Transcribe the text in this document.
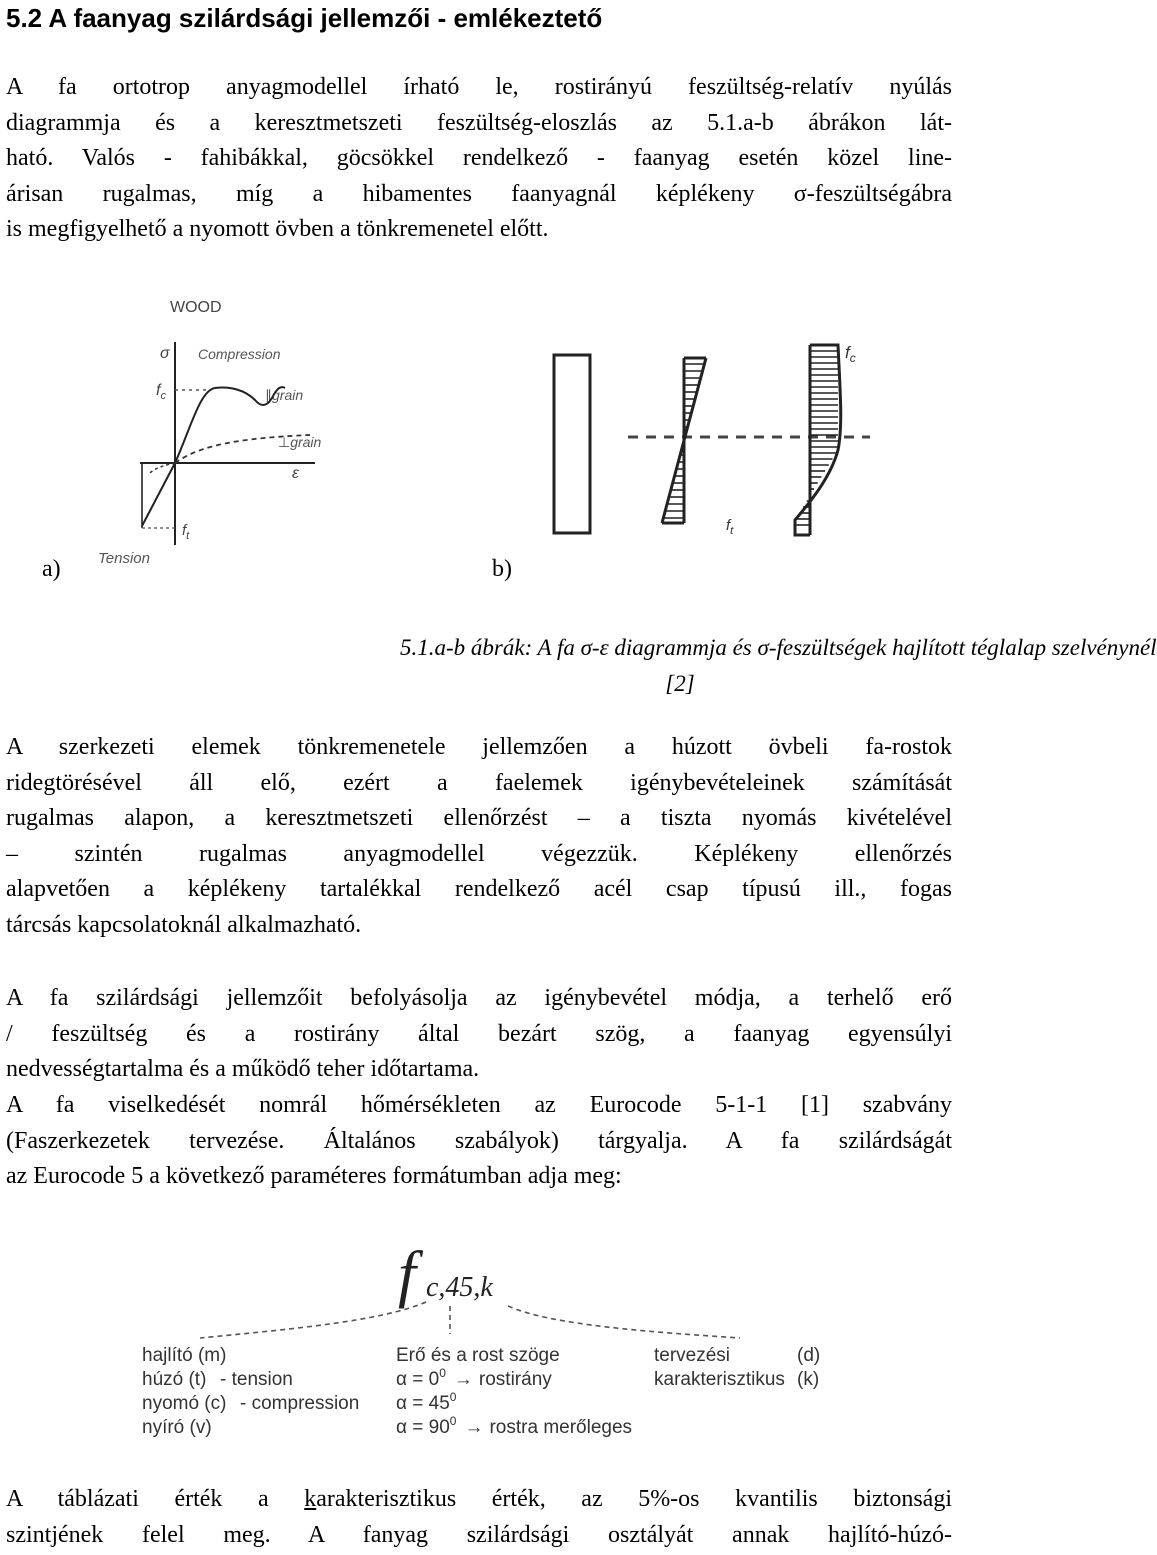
5.2 A faanyag szilárdsági jellemzői - emlékeztető
A fa ortotrop anyagmodellel írható le, rostirányú feszültség-relatív nyúlás
diagrammja és a keresztmetszeti feszültség-eloszlás az 5.1.a-b ábrákon lát-
ható. Valós - fahibákkal, göcsökkel rendelkező - faanyag esetén közel line-
árisan rugalmas, míg a hibamentes faanyagnál képlékeny σ-feszültségábra
is megfigyelhető a nyomott övben a tönkremenetel előtt.
WOOD
σ Compression
$f_c$	∥grain
⊥grain
ε
$f_t$
Tension
a)
$f_c$
$f_t$
b)
5.1.a-b ábrák: A fa σ-ε diagrammja és σ-feszültségek hajlított téglalap szelvénynél
[2]
A szerkezeti elemek tönkremenetele jellemzően a húzott övbeli fa-rostok
ridegtörésével áll elő, ezért a faelemek igénybevételeinek számítását
rugalmas alapon, a keresztmetszeti ellenőrzést – a tiszta nyomás kivételével
– szintén rugalmas anyagmodellel végezzük. Képlékeny ellenőrzés
alapvetően a képlékeny tartalékkal rendelkező acél csap típusú ill., fogas
tárcsás kapcsolatoknál alkalmazható.
A fa szilárdsági jellemzőit befolyásolja az igénybevétel módja, a terhelő erő
/ feszültség és a rostirány által bezárt szög, a faanyag egyensúlyi
nedvességtartalma és a működő teher időtartama.
A fa viselkedését nomrál hőmérsékleten az Eurocode 5-1-1 [1] szabvány
(Faszerkezetek tervezése. Általános szabályok) tárgyalja. A fa szilárdságát
az Eurocode 5 a következő paraméteres formátumban adja meg:
f c,45,k
hajlító (m)
húzó (t) - tension
nyomó (c) - compression
nyíró (v)
Erő és a rost szöge
$\alpha = 0^0$ → rostirány
$\alpha = 45^0$
$\alpha = 90^0$ → rostra merőleges
tervezési	(d)
karakterisztikus (k)
A táblázati érték a karakterisztikus érték, az 5%-os kvantilis biztonsági
szintjének felel meg. A fanyag szilárdsági osztályát annak hajlító-húzó-
